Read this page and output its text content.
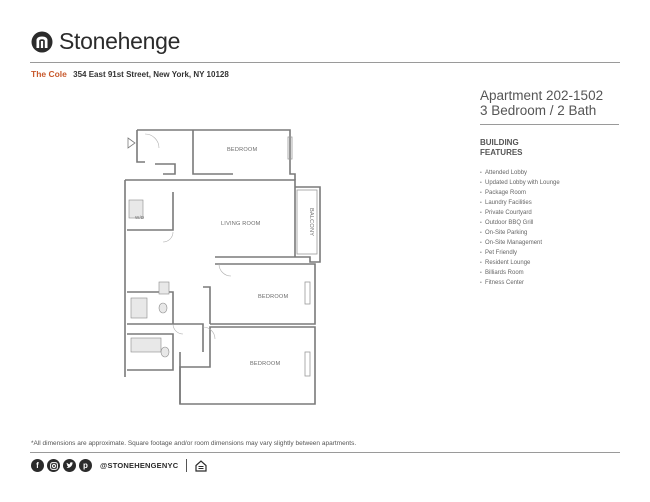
Stonehenge
The Cole 354 East 91st Street, New York, NY 10128
BEDROOM
LIVING ROOM	BALCONY
BEDROOM
BEDROOM
W/D
Apartment 202-1502
3 Bedroom / 2 Bath
BUILDING FEATURES
• Attended Lobby
• Updated Lobby with Lounge
• Package Room
• Laundry Facilities
• Private Courtyard
• Outdoor BBQ Grill
• On-Site Parking
• On-Site Management
• Pet Friendly
• Resident Lounge
• Billiards Room
• Fitness Center
*All dimensions are approximate. Square footage and/or room dimensions may vary slightly between apartments.
f	p	@STONEHENGENYC
